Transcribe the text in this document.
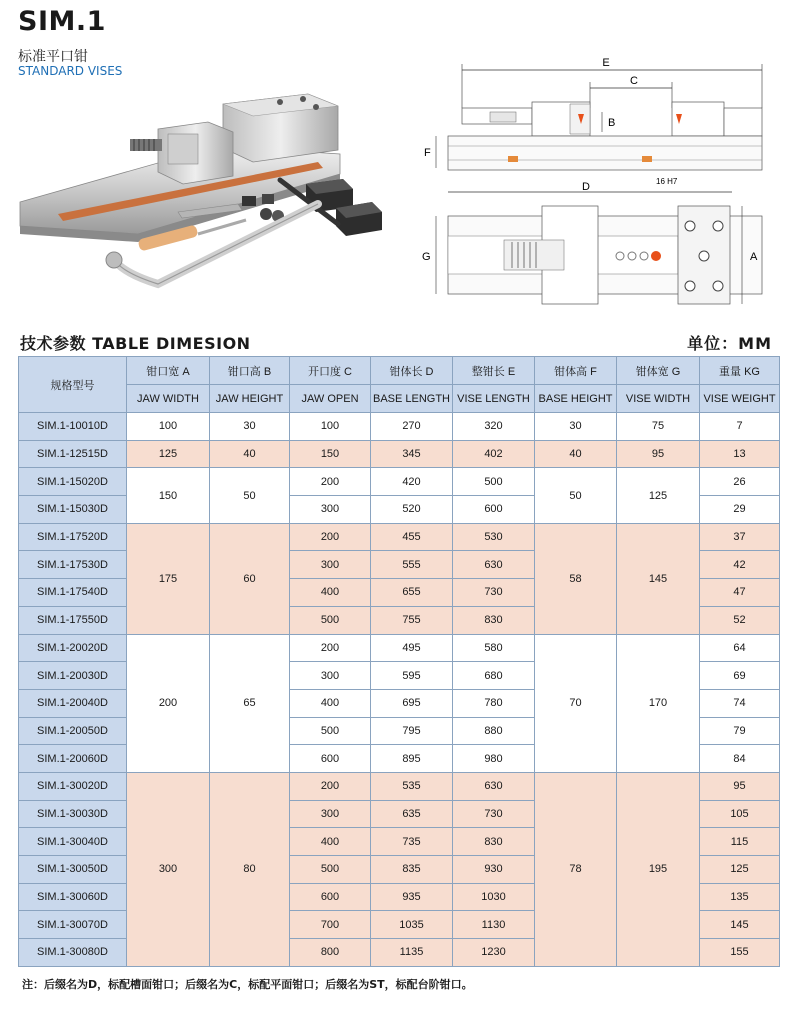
SIM.1
标准平口钳
STANDARD VISES
E
C
B
F
D	16 H7
G	A
技术参数 TABLE DIMESION	单位：MM
规格型号	钳口宽 A	钳口高 B	开口度 C	钳体长 D	整钳长 E	钳体高 F	钳体宽 G	重量 KG
	JAW WIDTH	JAW HEIGHT	JAW OPEN	BASE LENGTH	VISE LENGTH	BASE HEIGHT	VISE WIDTH	VISE WEIGHT
SIM.1-10010D	100	30	100	270	320	30	75	7
SIM.1-12515D	125	40	150	345	402	40	95	13
SIM.1-15020D	150	50	200	420	500	50	125	26
SIM.1-15030D			300	520	600			29
SIM.1-17520D	175	60	200	455	530	58	145	37
SIM.1-17530D			300	555	630			42
SIM.1-17540D			400	655	730			47
SIM.1-17550D			500	755	830			52
SIM.1-20020D	200	65	200	495	580	70	170	64
SIM.1-20030D			300	595	680			69
SIM.1-20040D			400	695	780			74
SIM.1-20050D			500	795	880			79
SIM.1-20060D			600	895	980			84
SIM.1-30020D	300	80	200	535	630	78	195	95
SIM.1-30030D			300	635	730			105
SIM.1-30040D			400	735	830			115
SIM.1-30050D			500	835	930			125
SIM.1-30060D			600	935	1030			135
SIM.1-30070D			700	1035	1130			145
SIM.1-30080D			800	1135	1230			155
注：后缀名为D，标配槽面钳口；后缀名为C，标配平面钳口；后缀名为ST，标配台阶钳口。
